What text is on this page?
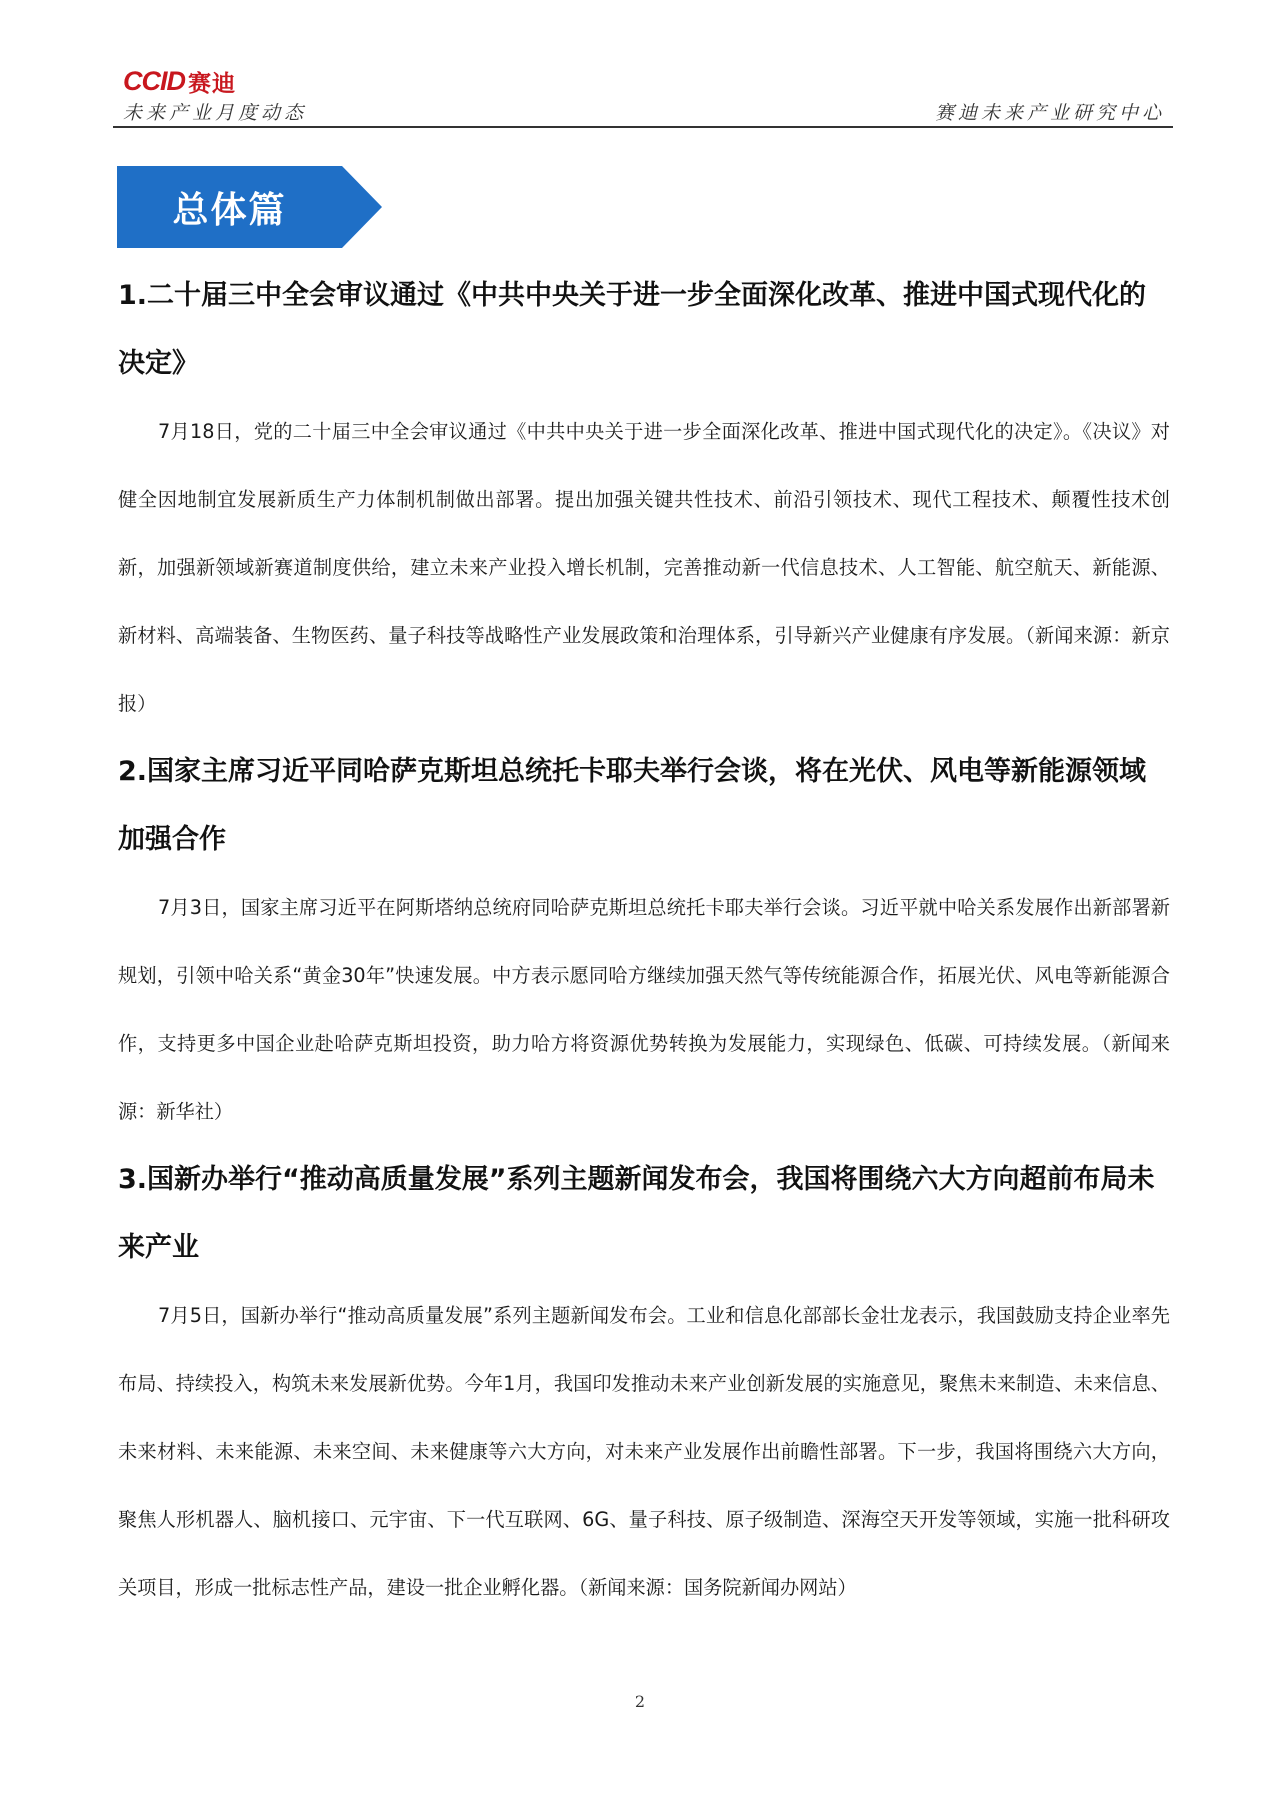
CCID 赛迪
未来产业月度动态	赛迪未来产业研究中心
总体篇
1.二十届三中全会审议通过《中共中央关于进一步全面深化改革、推进中国式现代化的决定》

7月18日，党的二十届三中全会审议通过《中共中央关于进一步全面深化改革、推进中国式现代化的决定》。《决议》对健全因地制宜发展新质生产力体制机制做出部署。提出加强关键共性技术、前沿引领技术、现代工程技术、颠覆性技术创新，加强新领域新赛道制度供给，建立未来产业投入增长机制，完善推动新一代信息技术、人工智能、航空航天、新能源、新材料、高端装备、生物医药、量子科技等战略性产业发展政策和治理体系，引导新兴产业健康有序发展。（新闻来源：新京报）

2.国家主席习近平同哈萨克斯坦总统托卡耶夫举行会谈，将在光伏、风电等新能源领域加强合作

7月3日，国家主席习近平在阿斯塔纳总统府同哈萨克斯坦总统托卡耶夫举行会谈。习近平就中哈关系发展作出新部署新规划，引领中哈关系“黄金30年”快速发展。中方表示愿同哈方继续加强天然气等传统能源合作，拓展光伏、风电等新能源合作，支持更多中国企业赴哈萨克斯坦投资，助力哈方将资源优势转换为发展能力，实现绿色、低碳、可持续发展。（新闻来源：新华社）

3.国新办举行“推动高质量发展”系列主题新闻发布会，我国将围绕六大方向超前布局未来产业

7月5日，国新办举行“推动高质量发展”系列主题新闻发布会。工业和信息化部部长金壮龙表示，我国鼓励支持企业率先布局、持续投入，构筑未来发展新优势。今年1月，我国印发推动未来产业创新发展的实施意见，聚焦未来制造、未来信息、未来材料、未来能源、未来空间、未来健康等六大方向，对未来产业发展作出前瞻性部署。下一步，我国将围绕六大方向，聚焦人形机器人、脑机接口、元宇宙、下一代互联网、6G、量子科技、原子级制造、深海空天开发等领域，实施一批科研攻关项目，形成一批标志性产品，建设一批企业孵化器。（新闻来源：国务院新闻办网站）

2
